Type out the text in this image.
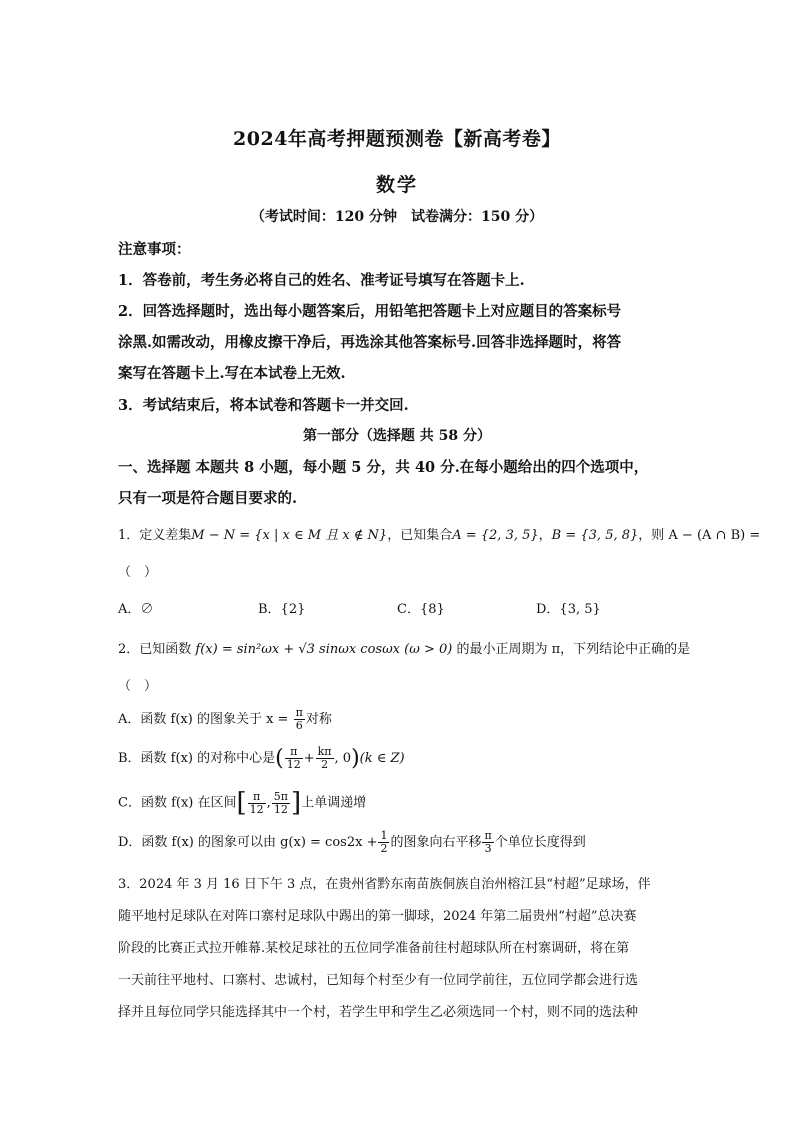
2024年高考押题预测卷【新高考卷】
数学
（考试时间：120 分钟　试卷满分：150 分）
注意事项：
1．答卷前，考生务必将自己的姓名、准考证号填写在答题卡上.
2．回答选择题时，选出每小题答案后，用铅笔把答题卡上对应题目的答案标号
涂黑.如需改动，用橡皮擦干净后，再选涂其他答案标号.回答非选择题时，将答
案写在答题卡上.写在本试卷上无效.
3．考试结束后，将本试卷和答题卡一并交回.
第一部分（选择题 共 58 分）
一、选择题 本题共 8 小题，每小题 5 分，共 40 分.在每小题给出的四个选项中，
只有一项是符合题目要求的.
1．定义差集M − N = {x | x ∈ M 且 x ∉ N}，已知集合A = {2, 3, 5}，B = {3, 5, 8}，则 A − (A ∩ B) =
（　）
A．∅	B．{2}	C．{8}	D．{3, 5}
2．已知函数 f(x) = sin²ωx + √3 sinωx cosωx (ω > 0) 的最小正周期为 π，下列结论中正确的是
（　）
A．函数 f(x) 的图象关于 $x = \frac{\pi}{6}$ 对称
B．函数 f(x) 的对称中心是( $\frac{\pi}{12} + \frac{k\pi}{2}$ , 0)(k ∈ Z)
C．函数 f(x) 在区间[ $\frac{\pi}{12}$ , $\frac{5\pi}{12}$ ]上单调递增
D．函数 f(x) 的图象可以由 $g(x) = \cos 2x + \frac{1}{2}$ 的图象向右平移 $\frac{\pi}{3}$ 个单位长度得到
3．2024 年 3 月 16 日下午 3 点，在贵州省黔东南苗族侗族自治州榕江县“村超”足球场，伴
随平地村足球队在对阵口寨村足球队中踢出的第一脚球，2024 年第二届贵州“村超”总决赛
阶段的比赛正式拉开帷幕.某校足球社的五位同学准备前往村超球队所在村寨调研，将在第
一天前往平地村、口寨村、忠诚村，已知每个村至少有一位同学前往，五位同学都会进行选
择并且每位同学只能选择其中一个村，若学生甲和学生乙必须选同一个村，则不同的选法种
